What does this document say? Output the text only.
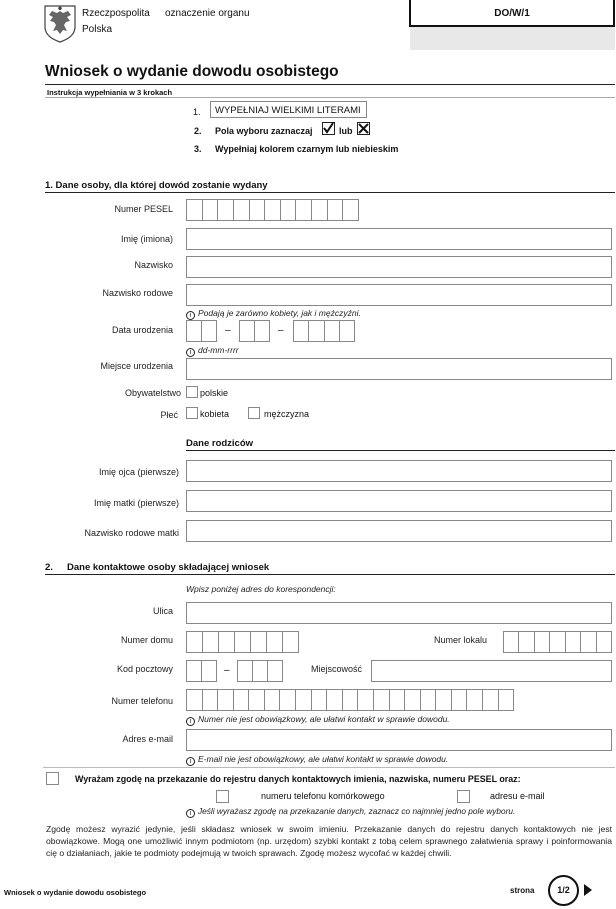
Rzeczpospolita
Polska
oznaczenie organu	DO/W/1
Wniosek o wydanie dowodu osobistego
Instrukcja wypełniania w 3 krokach
1. WYPEŁNIAJ WIELKIMI LITERAMI
2. Pola wyboru zaznaczaj	lub
3. Wypełniaj kolorem czarnym lub niebieskim
1. Dane osoby, dla której dowód zostanie wydany
Numer PESEL
Imię (imiona)
Nazwisko
Nazwisko rodowe
i Podają je zarówno kobiety, jak i mężczyźni.
Data urodzenia	–	–
i dd-mm-rrrr
Miejsce urodzenia
Obywatelstwo polskie
Płeć kobieta	mężczyzna
Dane rodziców
Imię ojca (pierwsze)
Imię matki (pierwsze)
Nazwisko rodowe matki
2. Dane kontaktowe osoby składającej wniosek
Wpisz poniżej adres do korespondencji:
Ulica
Numer domu	Numer lokalu
Kod pocztowy	–	Miejscowość
Numer telefonu
i Numer nie jest obowiązkowy, ale ułatwi kontakt w sprawie dowodu.
Adres e-mail
i E-mail nie jest obowiązkowy, ale ułatwi kontakt w sprawie dowodu.
Wyrażam zgodę na przekazanie do rejestru danych kontaktowych imienia, nazwiska, numeru PESEL oraz:
numeru telefonu komórkowego	adresu e-mail
i Jeśli wyrażasz zgodę na przekazanie danych, zaznacz co najmniej jedno pole wyboru.
Zgodę możesz wyrazić jedynie, jeśli składasz wniosek w swoim imieniu. Przekazanie danych do rejestru danych kontaktowych nie jest obowiązkowe. Mogą one umożliwić innym podmiotom (np. urzędom) szybki kontakt z tobą celem sprawnego załatwienia sprawy i poinformowania cię o działaniach, jakie te podmioty podejmują w twoich sprawach. Zgodę możesz wycofać w każdej chwili.
Wniosek o wydanie dowodu osobistego	strona	1/2
